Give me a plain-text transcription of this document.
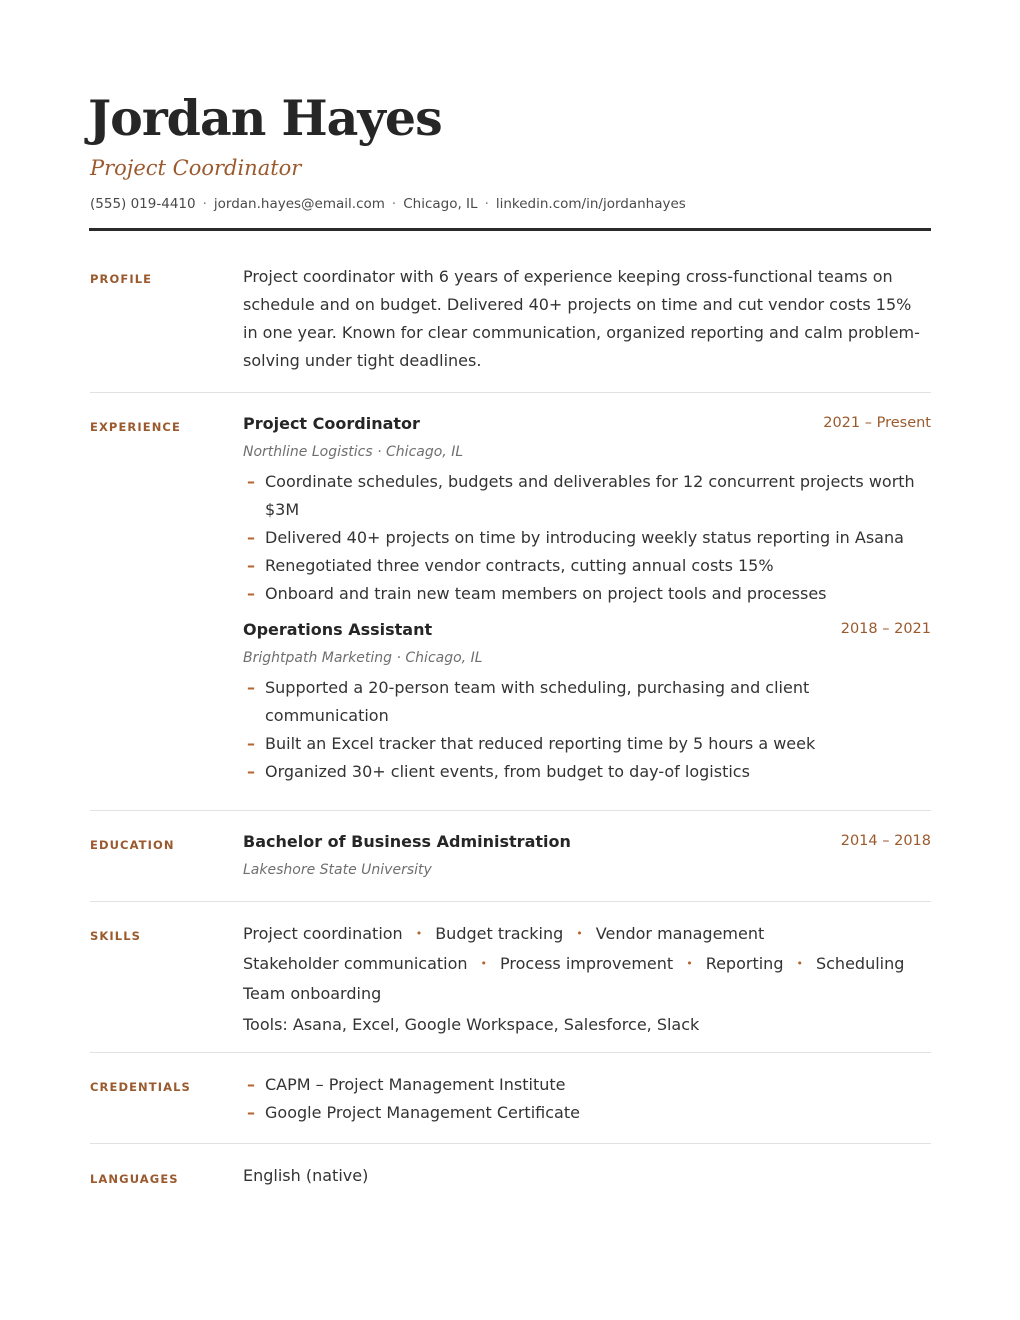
Jordan Hayes
Project Coordinator
(555) 019-4410 · jordan.hayes@email.com · Chicago, IL · linkedin.com/in/jordanhayes
PROFILE	Project coordinator with 6 years of experience keeping cross-functional teams on schedule and on budget. Delivered 40+ projects on time and cut vendor costs 15% in one year. Known for clear communication, organized reporting and calm problem-solving under tight deadlines.

EXPERIENCE	Project Coordinator	2021 – Present
Northline Logistics · Chicago, IL
– Coordinate schedules, budgets and deliverables for 12 concurrent projects worth $3M
– Delivered 40+ projects on time by introducing weekly status reporting in Asana
– Renegotiated three vendor contracts, cutting annual costs 15%
– Onboard and train new team members on project tools and processes
Operations Assistant	2018 – 2021
Brightpath Marketing · Chicago, IL
– Supported a 20-person team with scheduling, purchasing and client communication
– Built an Excel tracker that reduced reporting time by 5 hours a week
– Organized 30+ client events, from budget to day-of logistics
EDUCATION	Bachelor of Business Administration	2014 – 2018
Lakeshore State University
SKILLS	Project coordination • Budget tracking • Vendor management
Stakeholder communication • Process improvement • Reporting • Scheduling
Team onboarding
Tools: Asana, Excel, Google Workspace, Salesforce, Slack
CREDENTIALS	– CAPM – Project Management Institute
– Google Project Management Certificate
LANGUAGES	English (native)
